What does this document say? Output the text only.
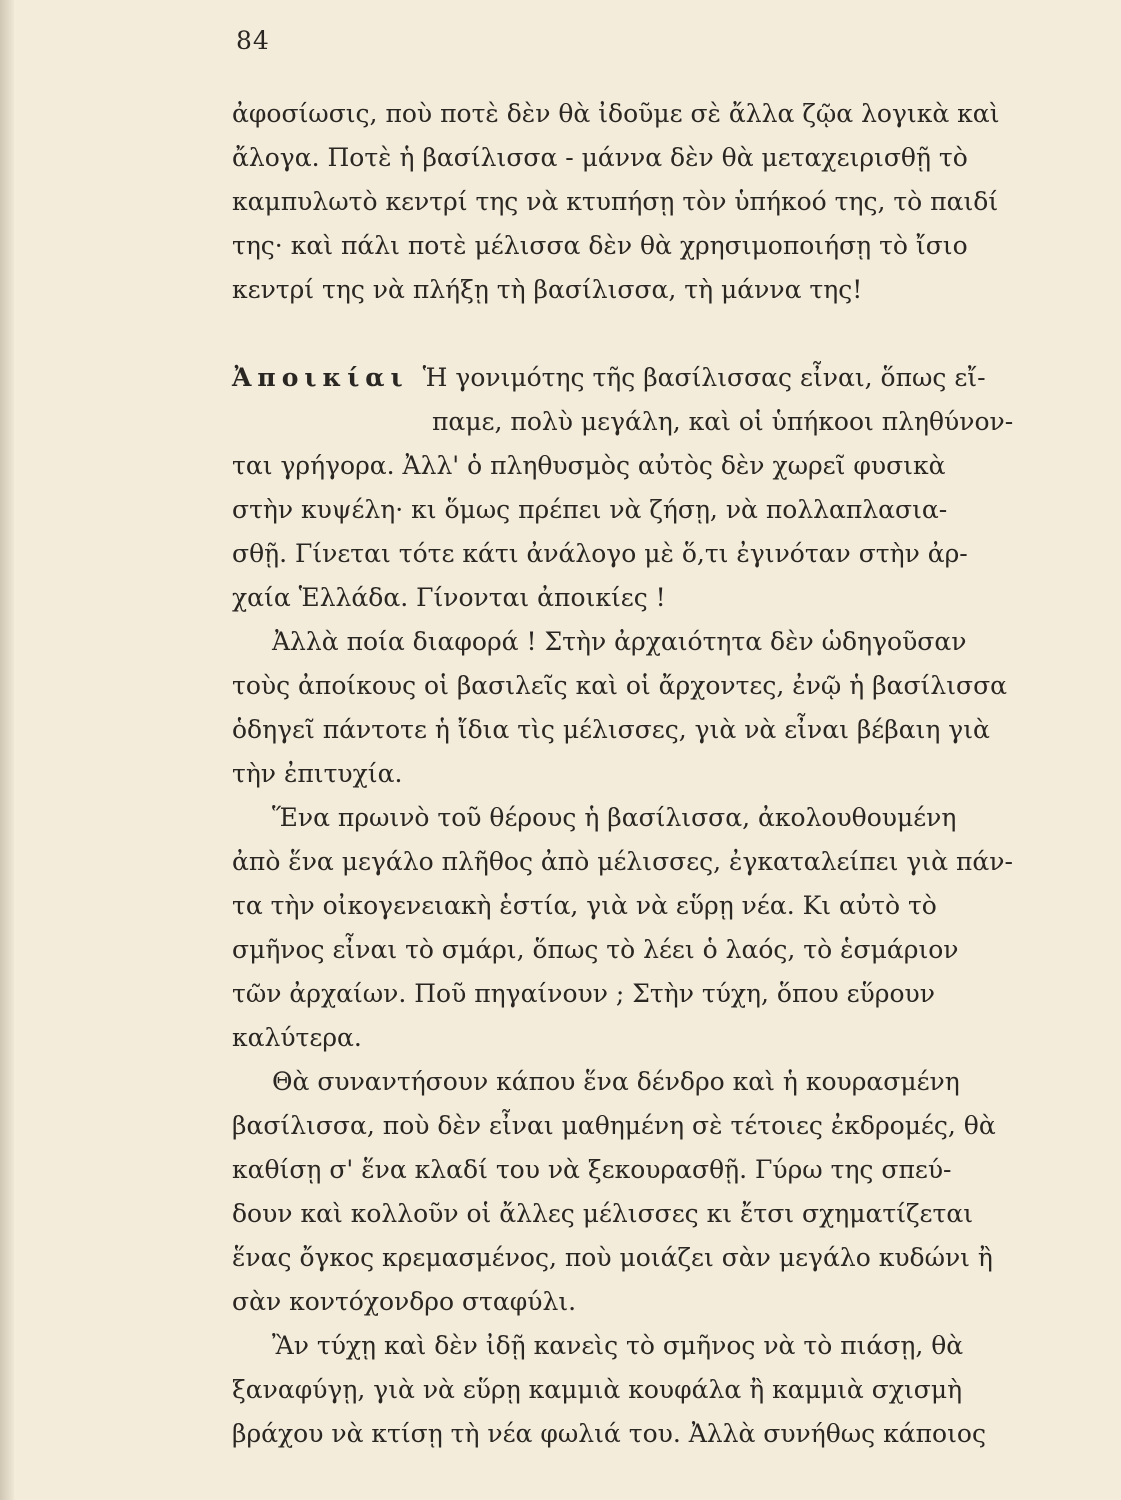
84

ἀφοσίωσις, ποὺ ποτὲ δὲν θὰ ἰδοῦμε σὲ ἄλλα ζῷα λογικὰ καὶ
ἄλογα. Ποτὲ ἡ βασίλισσα - μάννα δὲν θὰ μεταχειρισθῇ τὸ
καμπυλωτὸ κεντρί της νὰ κτυπήσῃ τὸν ὑπήκοό της, τὸ παιδί
της· καὶ πάλι ποτὲ μέλισσα δὲν θὰ χρησιμοποιήσῃ τὸ ἴσιο
κεντρί της νὰ πλήξῃ τὴ βασίλισσα, τὴ μάννα της!

Ἀποικίαι Ἡ γονιμότης τῆς βασίλισσας εἶναι, ὅπως εἴ-
παμε, πολὺ μεγάλη, καὶ οἱ ὑπήκοοι πληθύνον-
ται γρήγορα. Ἀλλ' ὁ πληθυσμὸς αὐτὸς δὲν χωρεῖ φυσικὰ
στὴν κυψέλη· κι ὅμως πρέπει νὰ ζήσῃ, νὰ πολλαπλασια-
σθῇ. Γίνεται τότε κάτι ἀνάλογο μὲ ὅ,τι ἐγινόταν στὴν ἀρ-
χαία Ἑλλάδα. Γίνονται ἀποικίες !

Ἀλλὰ ποία διαφορά ! Στὴν ἀρχαιότητα δὲν ὡδηγοῦσαν
τοὺς ἀποίκους οἱ βασιλεῖς καὶ οἱ ἄρχοντες, ἐνῷ ἡ βασίλισσα
ὁδηγεῖ πάντοτε ἡ ἴδια τὶς μέλισσες, γιὰ νὰ εἶναι βέβαιη γιὰ
τὴν ἐπιτυχία.

Ἕνα πρωινὸ τοῦ θέρους ἡ βασίλισσα, ἀκολουθουμένη
ἀπὸ ἕνα μεγάλο πλῆθος ἀπὸ μέλισσες, ἐγκαταλείπει γιὰ πάν-
τα τὴν οἰκογενειακὴ ἑστία, γιὰ νὰ εὕρῃ νέα. Κι αὐτὸ τὸ
σμῆνος εἶναι τὸ σμάρι, ὅπως τὸ λέει ὁ λαός, τὸ ἑσμάριον
τῶν ἀρχαίων. Ποῦ πηγαίνουν ; Στὴν τύχη, ὅπου εὕρουν
καλύτερα.

Θὰ συναντήσουν κάπου ἕνα δένδρο καὶ ἡ κουρασμένη
βασίλισσα, ποὺ δὲν εἶναι μαθημένη σὲ τέτοιες ἐκδρομές, θὰ
καθίσῃ σ' ἕνα κλαδί του νὰ ξεκουρασθῇ. Γύρω της σπεύ-
δουν καὶ κολλοῦν οἱ ἄλλες μέλισσες κι ἔτσι σχηματίζεται
ἕνας ὄγκος κρεμασμένος, ποὺ μοιάζει σὰν μεγάλο κυδώνι ἢ
σὰν κοντόχονδρο σταφύλι.

Ἂν τύχῃ καὶ δὲν ἰδῇ κανεὶς τὸ σμῆνος νὰ τὸ πιάσῃ, θὰ
ξαναφύγῃ, γιὰ νὰ εὕρῃ καμμιὰ κουφάλα ἢ καμμιὰ σχισμὴ
βράχου νὰ κτίσῃ τὴ νέα φωλιά του. Ἀλλὰ συνήθως κάποιος
